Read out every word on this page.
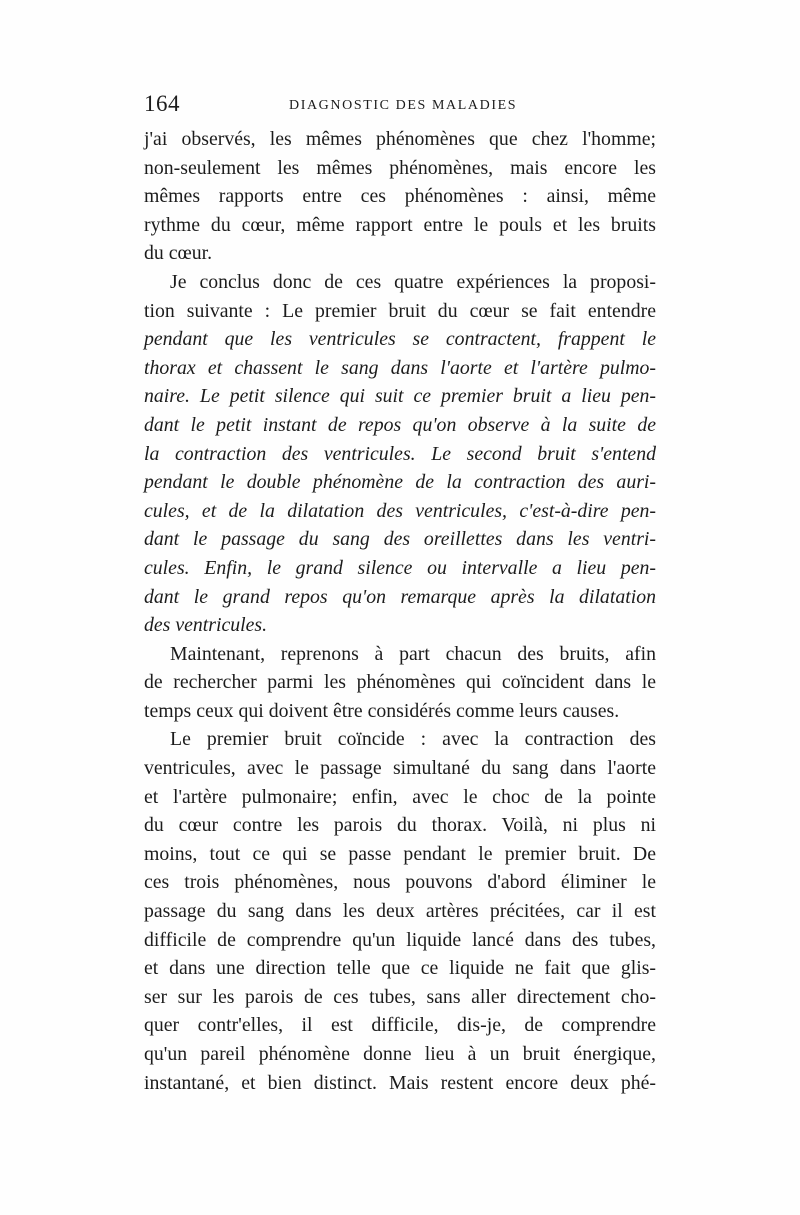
164	DIAGNOSTIC DES MALADIES
j'ai observés, les mêmes phénomènes que chez l'homme;
non-seulement les mêmes phénomènes, mais encore les
mêmes rapports entre ces phénomènes : ainsi, même
rythme du cœur, même rapport entre le pouls et les bruits
du cœur.
Je conclus donc de ces quatre expériences la proposi-
tion suivante : Le premier bruit du cœur se fait entendre
pendant que les ventricules se contractent, frappent le
thorax et chassent le sang dans l'aorte et l'artère pulmo-
naire. Le petit silence qui suit ce premier bruit a lieu pen-
dant le petit instant de repos qu'on observe à la suite de
la contraction des ventricules. Le second bruit s'entend
pendant le double phénomène de la contraction des auri-
cules, et de la dilatation des ventricules, c'est-à-dire pen-
dant le passage du sang des oreillettes dans les ventri-
cules. Enfin, le grand silence ou intervalle a lieu pen-
dant le grand repos qu'on remarque après la dilatation
des ventricules.
Maintenant, reprenons à part chacun des bruits, afin
de rechercher parmi les phénomènes qui coïncident dans le
temps ceux qui doivent être considérés comme leurs causes.
Le premier bruit coïncide : avec la contraction des
ventricules, avec le passage simultané du sang dans l'aorte
et l'artère pulmonaire; enfin, avec le choc de la pointe
du cœur contre les parois du thorax. Voilà, ni plus ni
moins, tout ce qui se passe pendant le premier bruit. De
ces trois phénomènes, nous pouvons d'abord éliminer le
passage du sang dans les deux artères précitées, car il est
difficile de comprendre qu'un liquide lancé dans des tubes,
et dans une direction telle que ce liquide ne fait que glis-
ser sur les parois de ces tubes, sans aller directement cho-
quer contr'elles, il est difficile, dis-je, de comprendre
qu'un pareil phénomène donne lieu à un bruit énergique,
instantané, et bien distinct. Mais restent encore deux phé-
